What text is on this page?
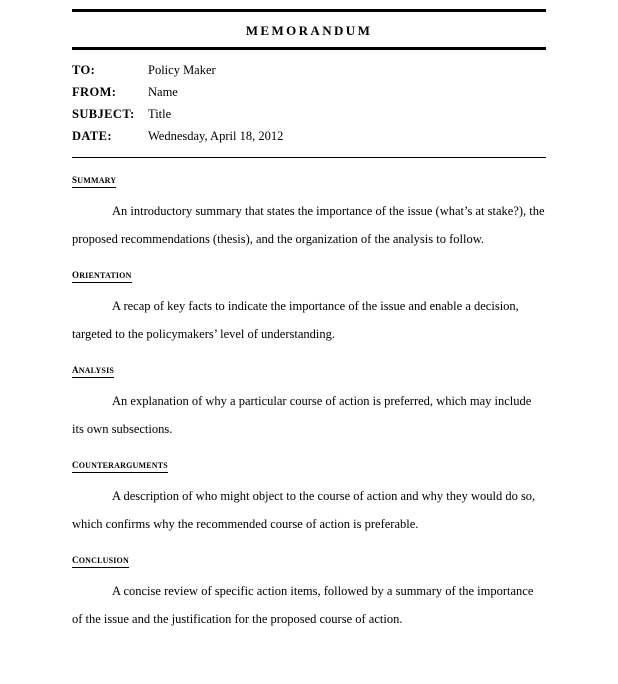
MEMORANDUM
TO:	Policy Maker
FROM:	Name
SUBJECT:	Title
DATE:	Wednesday, April 18, 2012
summary

An introductory summary that states the importance of the issue (what’s at stake?), the proposed recommendations (thesis), and the organization of the analysis to follow.

orientation

A recap of key facts to indicate the importance of the issue and enable a decision, targeted to the policymakers’ level of understanding.

analysis

An explanation of why a particular course of action is preferred, which may include its own subsections.

counterarguments

A description of who might object to the course of action and why they would do so, which confirms why the recommended course of action is preferable.

conclusion

A concise review of specific action items, followed by a summary of the importance of the issue and the justification for the proposed course of action.
